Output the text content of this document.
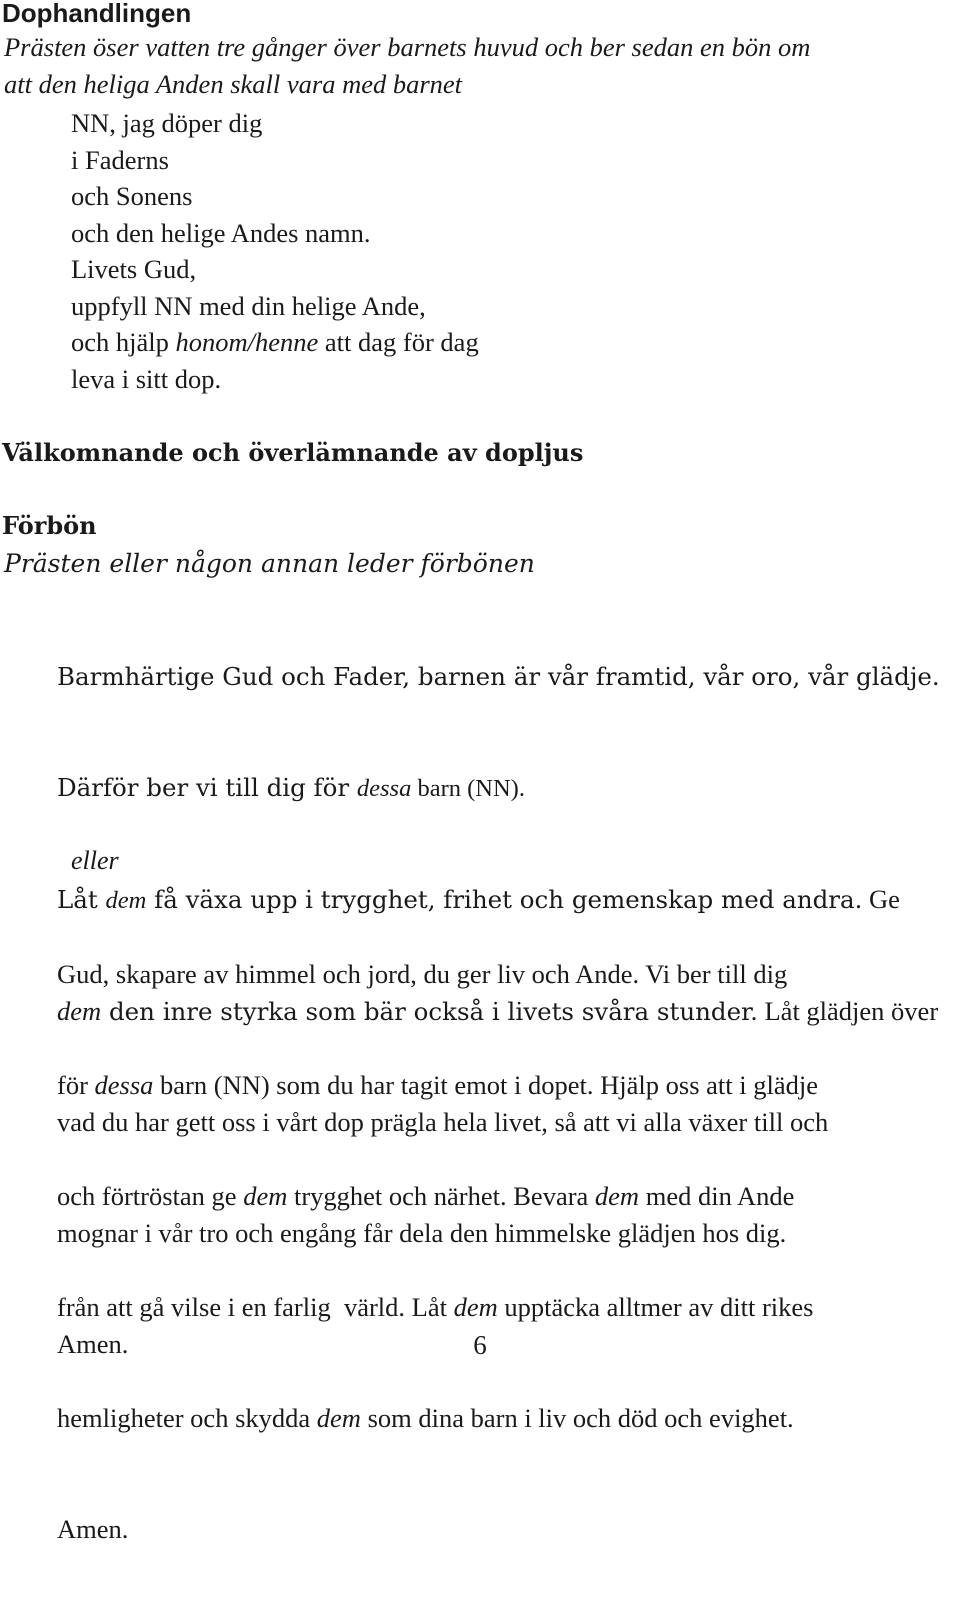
Dophandlingen
Prästen öser vatten tre gånger över barnets huvud och ber sedan en bön om
att den heliga Anden skall vara med barnet
NN, jag döper dig
i Faderns
och Sonens
och den helige Andes namn.
Livets Gud,
uppfyll NN med din helige Ande,
och hjälp honom/henne att dag för dag
leva i sitt dop.
Välkomnande och överlämnande av dopljus
Förbön
Prästen eller någon annan leder förbönen

Barmhärtige Gud och Fader, barnen är vår framtid, vår oro, vår glädje.

Därför ber vi till dig för dessa barn (NN).

Låt dem få växa upp i trygghet, frihet och gemenskap med andra. Ge

dem den inre styrka som bär också i livets svåra stunder. Låt glädjen över

vad du har gett oss i vårt dop prägla hela livet, så att vi alla växer till och

mognar i vår tro och engång får dela den himmelske glädjen hos dig.

Amen.

eller

Gud, skapare av himmel och jord, du ger liv och Ande. Vi ber till dig

för dessa barn (NN) som du har tagit emot i dopet. Hjälp oss att i glädje

och förtröstan ge dem trygghet och närhet. Bevara dem med din Ande

från att gå vilse i en farlig  värld. Låt dem upptäcka alltmer av ditt rikes

hemligheter och skydda dem som dina barn i liv och död och evighet.

Amen.

6
